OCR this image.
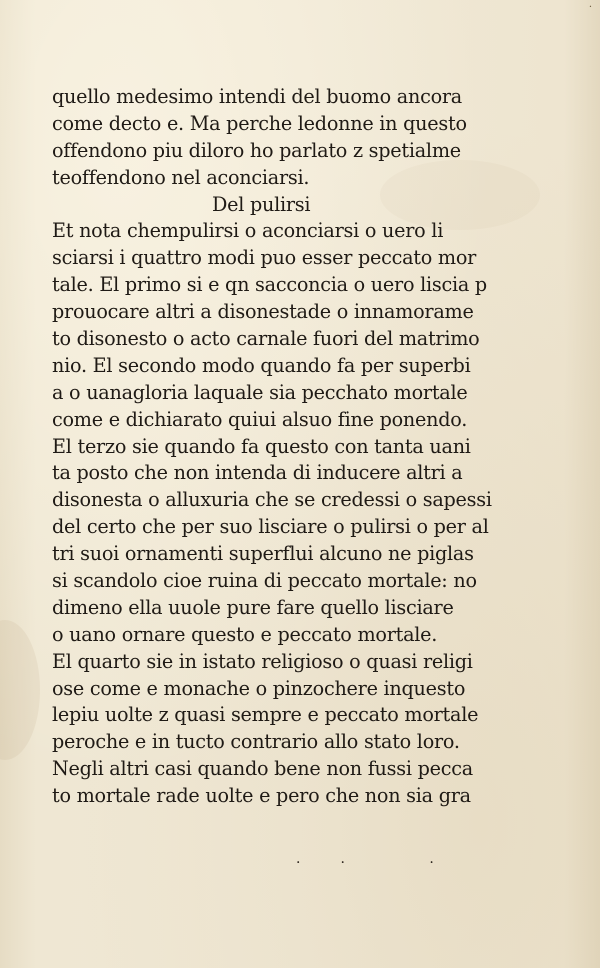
·
quello medesimo intendi del buomo ancora
come decto e. Ma perche ledonne in questo
offendono piu diloro ho parlato z spetialme
teoffendono nel aconciarsi.
Del pulirsi
Et nota chempulirsi o aconciarsi o uero li
sciarsi i quattro modi puo esser peccato mor
tale. El primo si e qn sacconcia o uero liscia p
prouocare altri a disonestade o innamorame
to disonesto o acto carnale fuori del matrimo
nio. El secondo modo quando fa per superbi
a o uanagloria laquale sia pecchato mortale
come e dichiarato quiui alsuo fine ponendo.
El terzo sie quando fa questo con tanta uani
ta posto che non intenda di inducere altri a
disonesta o alluxuria che se credessi o sapessi
del certo che per suo lisciare o pulirsi o per al
tri suoi ornamenti superflui alcuno ne piglas
si scandolo cioe ruina di peccato mortale: no
dimeno ella uuole pure fare quello lisciare
o uano ornare questo e peccato mortale.
El quarto sie in istato religioso o quasi religi
ose come e monache o pinzochere inquesto
lepiu uolte z quasi sempre e peccato mortale
peroche e in tucto contrario allo stato loro.
Negli altri casi quando bene non fussi pecca
to mortale rade uolte e pero che non sia gra
·· ·
